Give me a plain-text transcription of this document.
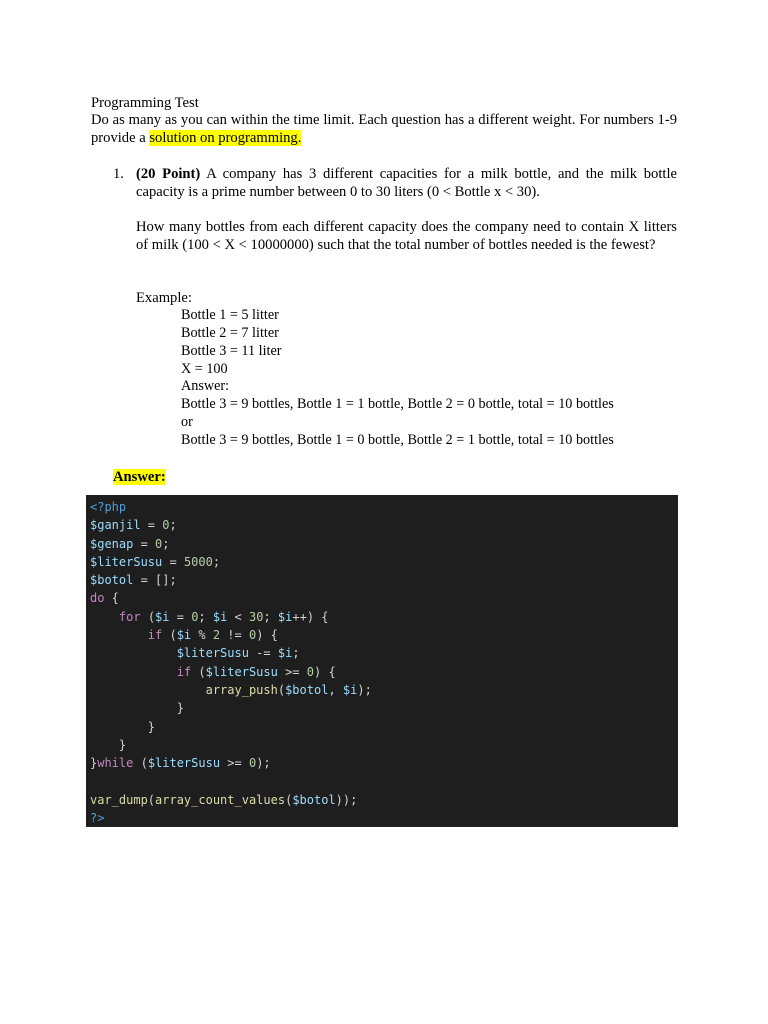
Programming Test
Do as many as you can within the time limit. Each question has a different weight. For numbers 1-9 provide a solution on programming.
1. (20 Point) A company has 3 different capacities for a milk bottle, and the milk bottle capacity is a prime number between 0 to 30 liters (0 < Bottle x < 30).
How many bottles from each different capacity does the company need to contain X litters of milk (100 < X < 10000000) such that the total number of bottles needed is the fewest?
Example:
Bottle 1 = 5 litter
Bottle 2 = 7 litter
Bottle 3 = 11 liter
X = 100
Answer:
Bottle 3 = 9 bottles, Bottle 1 = 1 bottle, Bottle 2 = 0 bottle, total = 10 bottles
or
Bottle 3 = 9 bottles, Bottle 1 = 0 bottle, Bottle 2 = 1 bottle, total = 10 bottles
Answer:
<?php
$ganjil = 0;
$genap = 0;
$literSusu = 5000;
$botol = [];
do {
for ($i = 0; $i < 30; $i++) {
if ($i % 2 != 0) {
$literSusu -= $i;
if ($literSusu >= 0) {
array_push($botol, $i);
}
}
}
}while ($literSusu >= 0);
var_dump(array_count_values($botol));
?>
